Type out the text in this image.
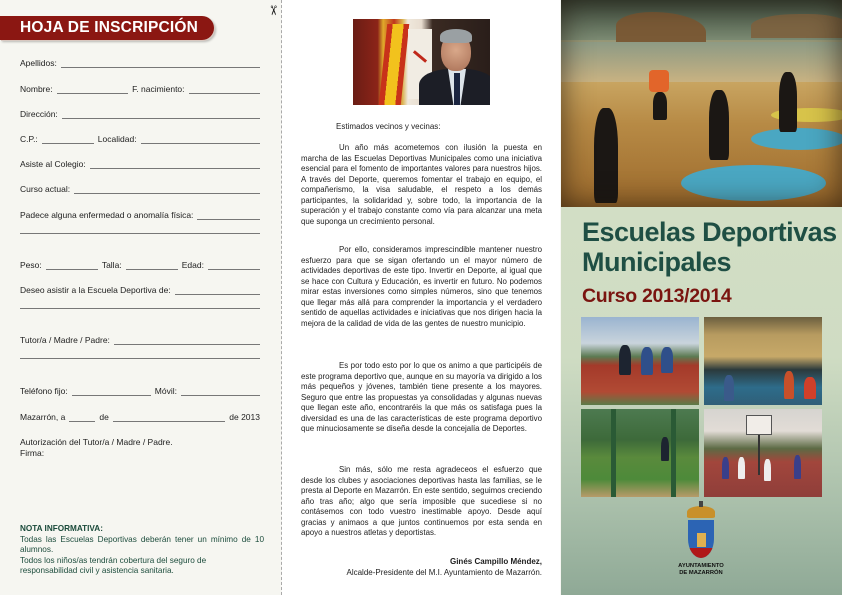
HOJA DE INSCRIPCIÓN
Apellidos:
Nombre:	F. nacimiento:
Dirección:
C.P.:	Localidad:
Asiste al Colegio:
Curso actual:
Padece alguna enfermedad o anomalía física:
Peso:	Talla:	Edad:
Deseo asistir a la Escuela Deportiva de:
Tutor/a / Madre / Padre:
Teléfono fijo:	Móvil:
Mazarrón, a	de	de 2013
Autorización del Tutor/a / Madre / Padre.
Firma:
NOTA INFORMATIVA:
Todas las Escuelas Deportivas deberán tener un mínimo de 10 alumnos.
Todos los niños/as tendrán cobertura del seguro de responsabilidad civil y asistencia sanitaria.
✂
Estimados vecinos y vecinas:

Un año más acometemos con ilusión la puesta en marcha de las Escuelas Deportivas Municipales como una iniciativa esencial para el fomento de importantes valores para nuestros hijos. A través del Deporte, queremos fomentar el trabajo en equipo, el compañerismo, la visa saludable, el respeto a los demás participantes, la solidaridad y, sobre todo, la importancia de la superación y el trabajo constante como vía para alcanzar una meta que suponga un crecimiento personal.

Por ello, consideramos imprescindible mantener nuestro esfuerzo para que se sigan ofertando un el mayor número de actividades deportivas de este tipo. Invertir en Deporte, al igual que se hace con Cultura y Educación, es invertir en futuro. No podemos mirar estas inversiones como simples números, sino que tenemos que llegar más allá para comprender la importancia y el verdadero sentido de aquellas actividades e iniciativas que nos dirigen hacia la mejora de la calidad de vida de las gentes de nuestro municipio.

Es por todo esto por lo que os animo a que participéis de este programa deportivo que, aunque en su mayoría va dirigido a los más pequeños y jóvenes, también tiene presente a los mayores. Seguro que entre las propuestas ya consolidadas y algunas nuevas que llegan este año, encontraréis la que más os satisfaga pues la diversidad es una de las características de este programa deportivo que minuciosamente se diseña desde la concejalía de Deportes.

Sin más, sólo me resta agradeceos el esfuerzo que desde los clubes y asociaciones deportivas hasta las familias, se le presta al Deporte en Mazarrón. En este sentido, seguimos creciendo año tras año; algo que sería imposible que sucediese si no contásemos con todo vuestro inestimable apoyo. Desde aquí gracias y animaos a que juntos continuemos por esta senda en apoyo a nuestros atletas y deportistas.

Ginés Campillo Méndez,
Alcalde-Presidente del M.I. Ayuntamiento de Mazarrón.
Escuelas Deportivas
Municipales
Curso 2013/2014
AYUNTAMIENTO
DE MAZARRÓN
